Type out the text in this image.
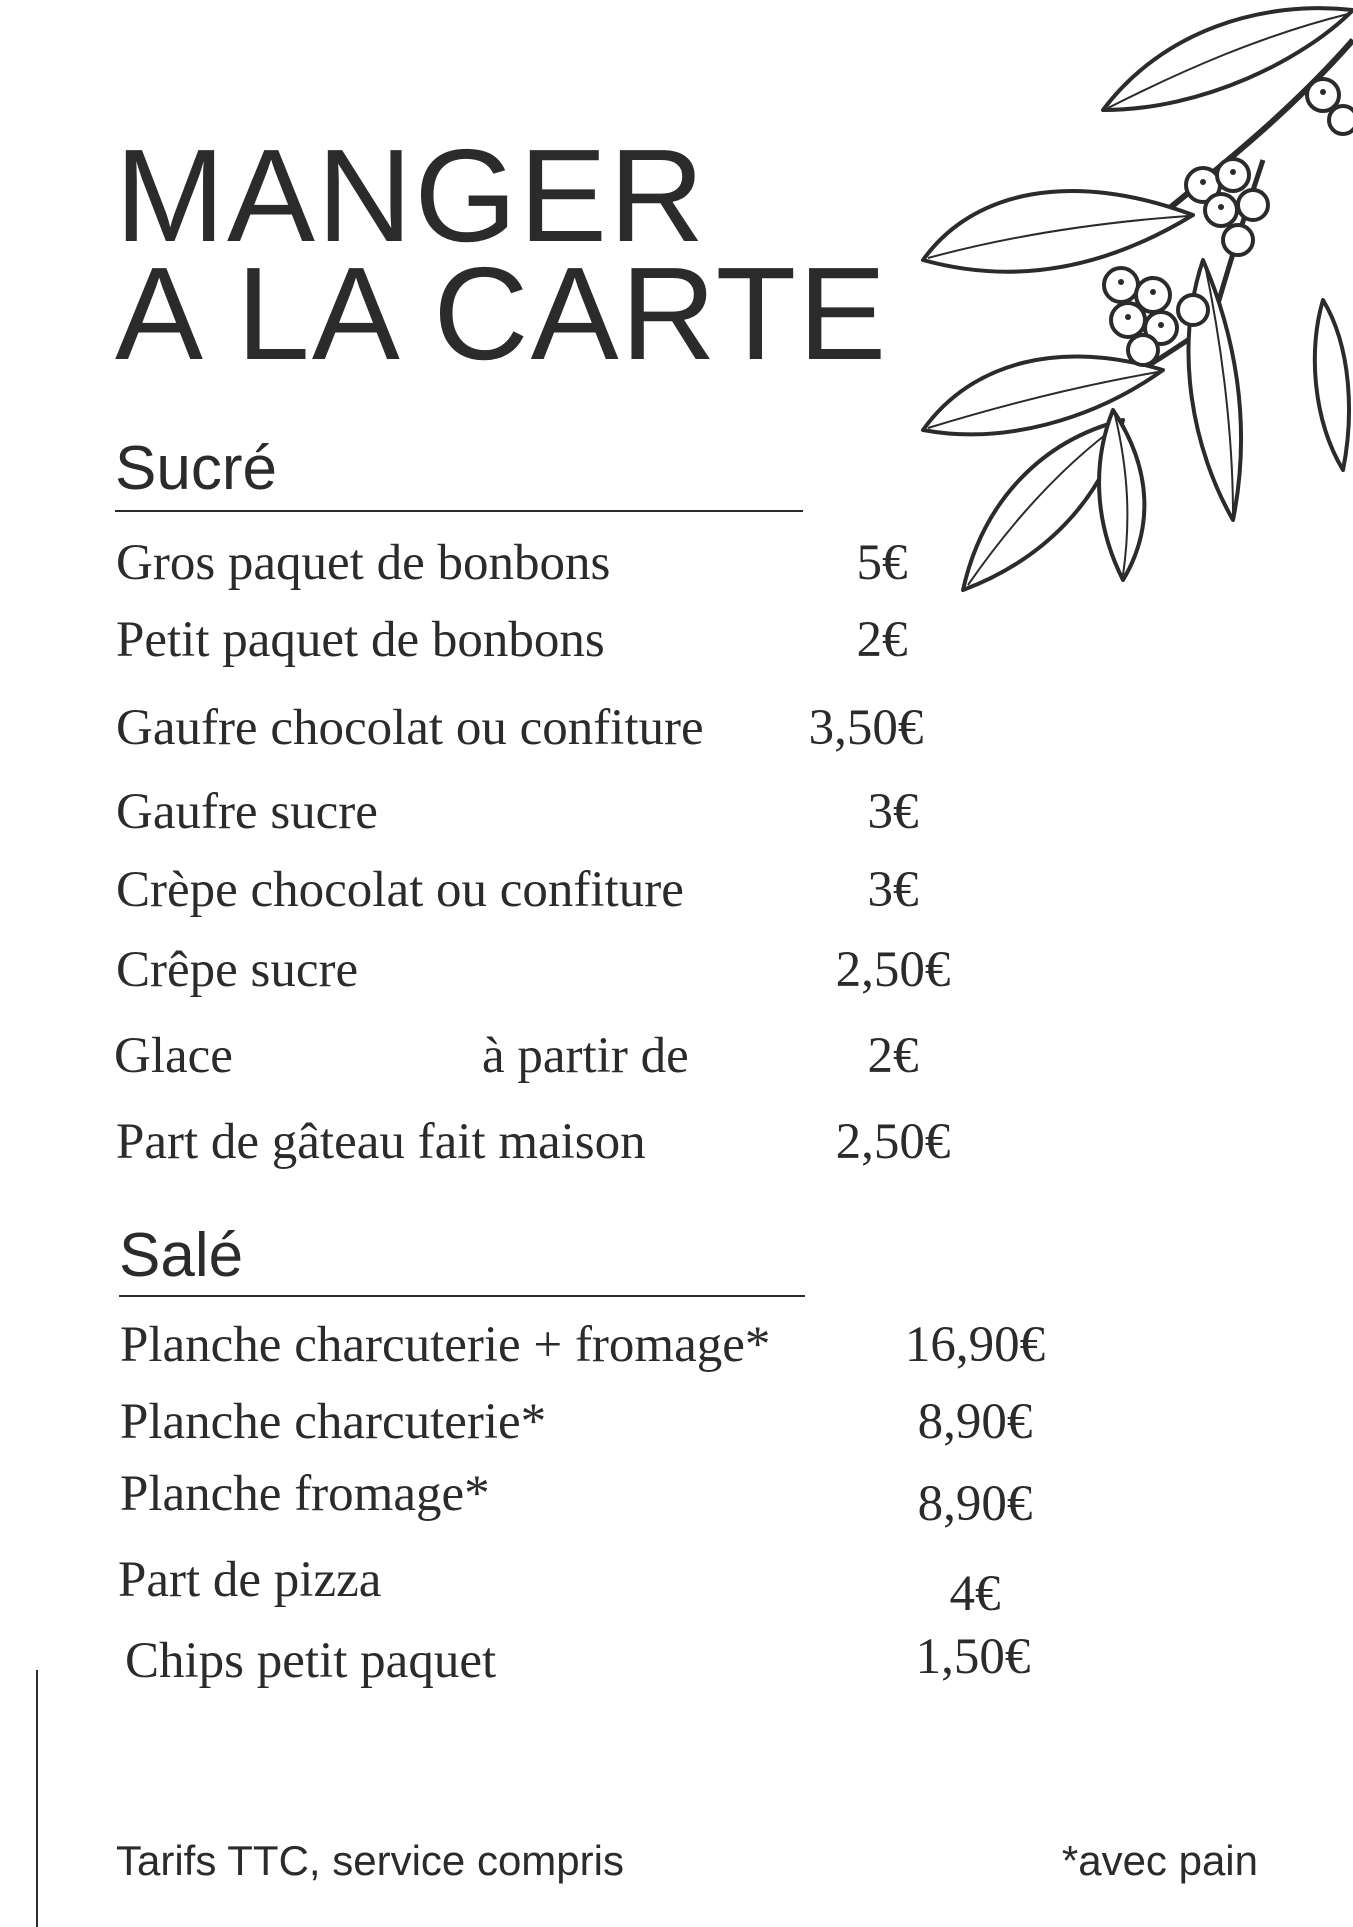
MANGER
A LA CARTE
Sucré
Gros paquet de bonbons	5€
Petit paquet de bonbons	2€
Gaufre chocolat ou confiture	3,50€
Gaufre sucre	3€
Crèpe chocolat ou confiture	3€
Crêpe sucre	2,50€
Glace	à partir de	2€
Part de gâteau fait maison	2,50€
Salé
Planche charcuterie + fromage*	16,90€
Planche charcuterie*	8,90€
Planche fromage*	8,90€
Part de pizza	4€
Chips petit paquet	1,50€
Tarifs TTC, service compris	*avec pain
